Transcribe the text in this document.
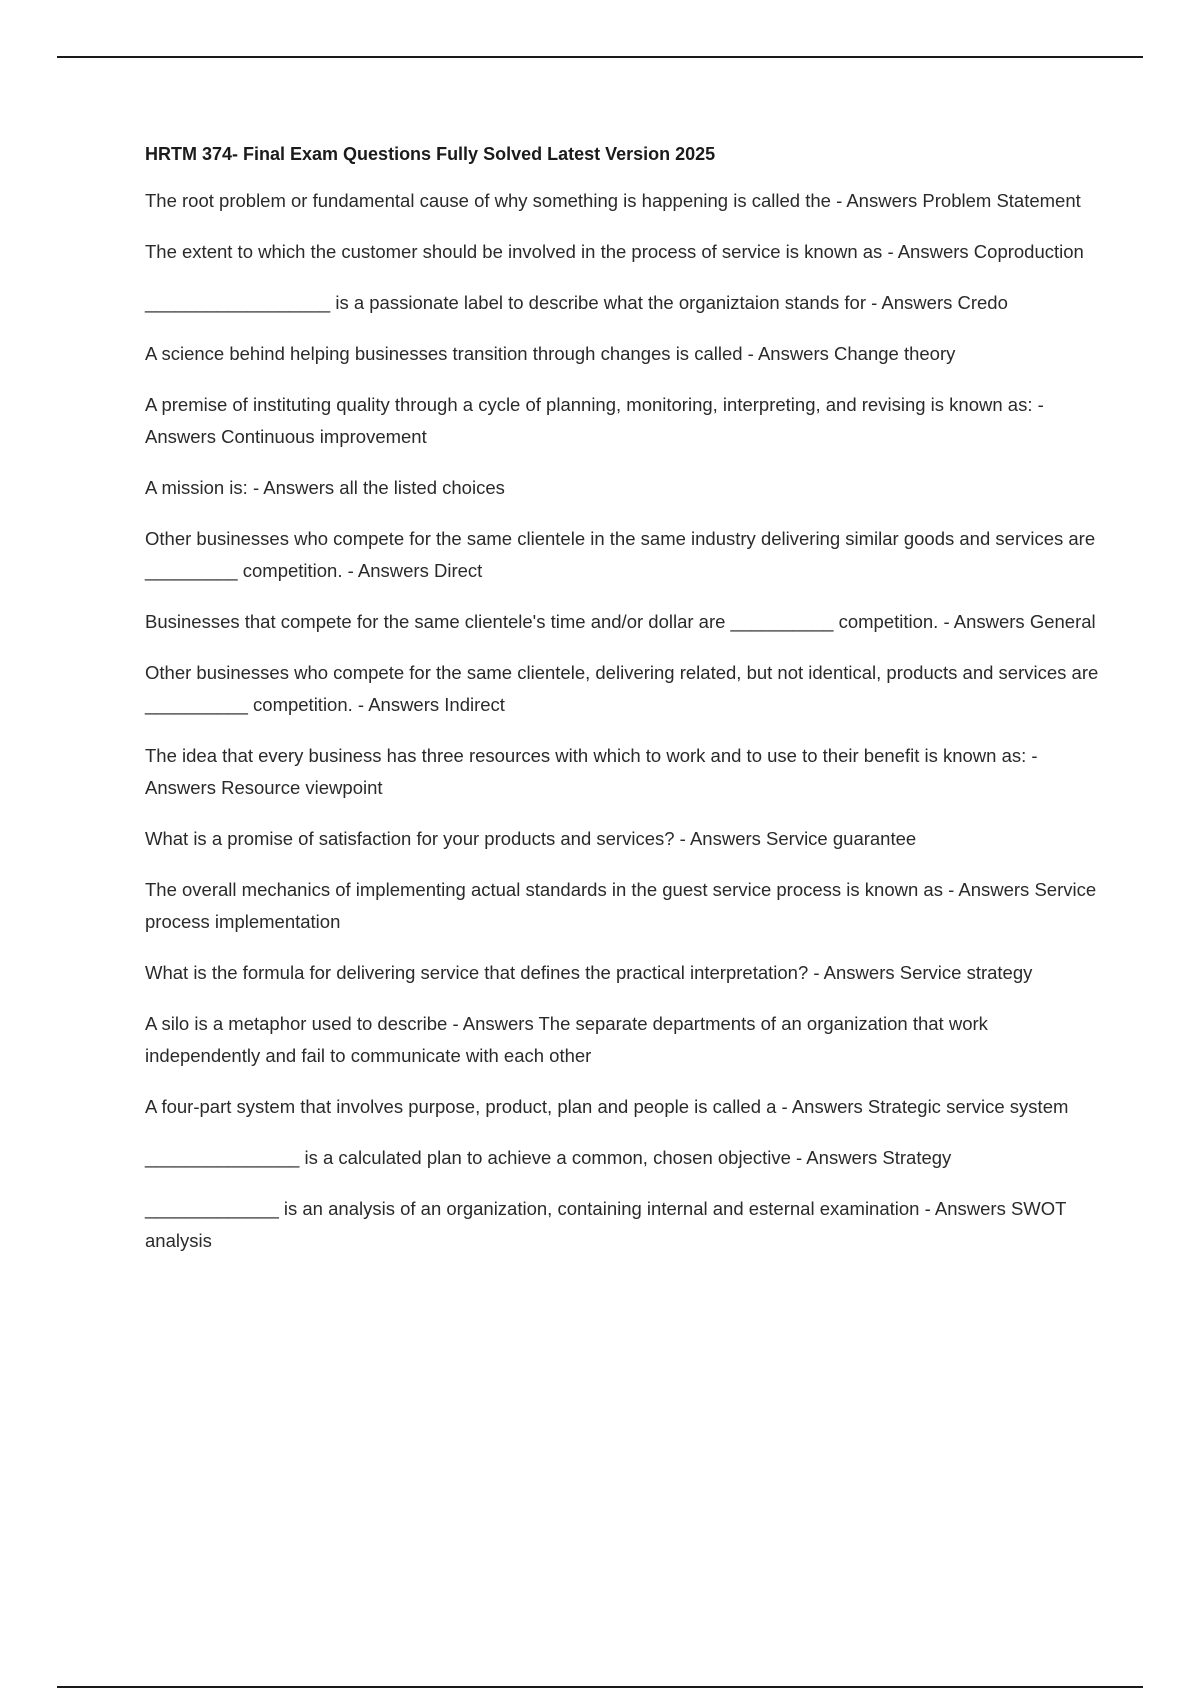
HRTM 374- Final Exam Questions Fully Solved Latest Version 2025
The root problem or fundamental cause of why something is happening is called the - Answers Problem Statement
The extent to which the customer should be involved in the process of service is known as - Answers Coproduction
__________________ is a passionate label to describe what the organiztaion stands for - Answers Credo
A science behind helping businesses transition through changes is called - Answers Change theory
A premise of instituting quality through a cycle of planning, monitoring, interpreting, and revising is known as: - Answers Continuous improvement
A mission is: - Answers all the listed choices
Other businesses who compete for the same clientele in the same industry delivering similar goods and services are _________ competition. - Answers Direct
Businesses that compete for the same clientele's time and/or dollar are __________ competition. - Answers General
Other businesses who compete for the same clientele, delivering related, but not identical, products and services are __________ competition. - Answers Indirect
The idea that every business has three resources with which to work and to use to their benefit is known as: - Answers Resource viewpoint
What is a promise of satisfaction for your products and services? - Answers Service guarantee
The overall mechanics of implementing actual standards in the guest service process is known as - Answers Service process implementation
What is the formula for delivering service that defines the practical interpretation? - Answers Service strategy
A silo is a metaphor used to describe - Answers The separate departments of an organization that work independently and fail to communicate with each other
A four-part system that involves purpose, product, plan and people is called a - Answers Strategic service system
_______________ is a calculated plan to achieve a common, chosen objective - Answers Strategy
_____________ is an analysis of an organization, containing internal and esternal examination - Answers SWOT analysis
